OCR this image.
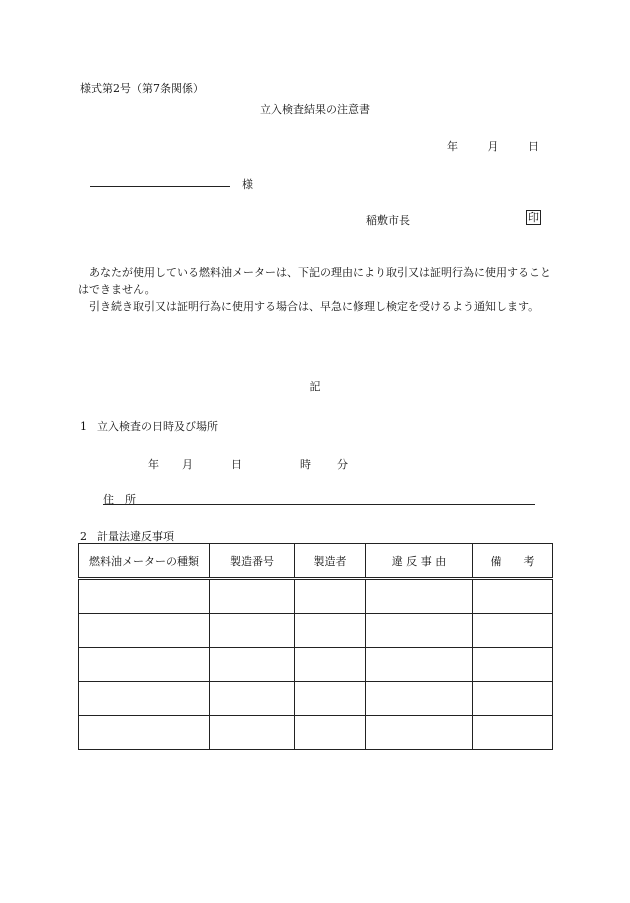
様式第2号（第7条関係）
立入検査結果の注意書
年	月	日
様
稲敷市長	印

あなたが使用している燃料油メーターは、下記の理由により取引又は証明行為に使用することはできません。

引き続き取引又は証明行為に使用する場合は、早急に修理し検定を受けるよう通知します。

記
1 立入検査の日時及び場所
年 月	日	時 分
住　所
2 計量法違反事項
燃料油メーターの種類	製造番号	製造者	違 反 事 由	備　　考
